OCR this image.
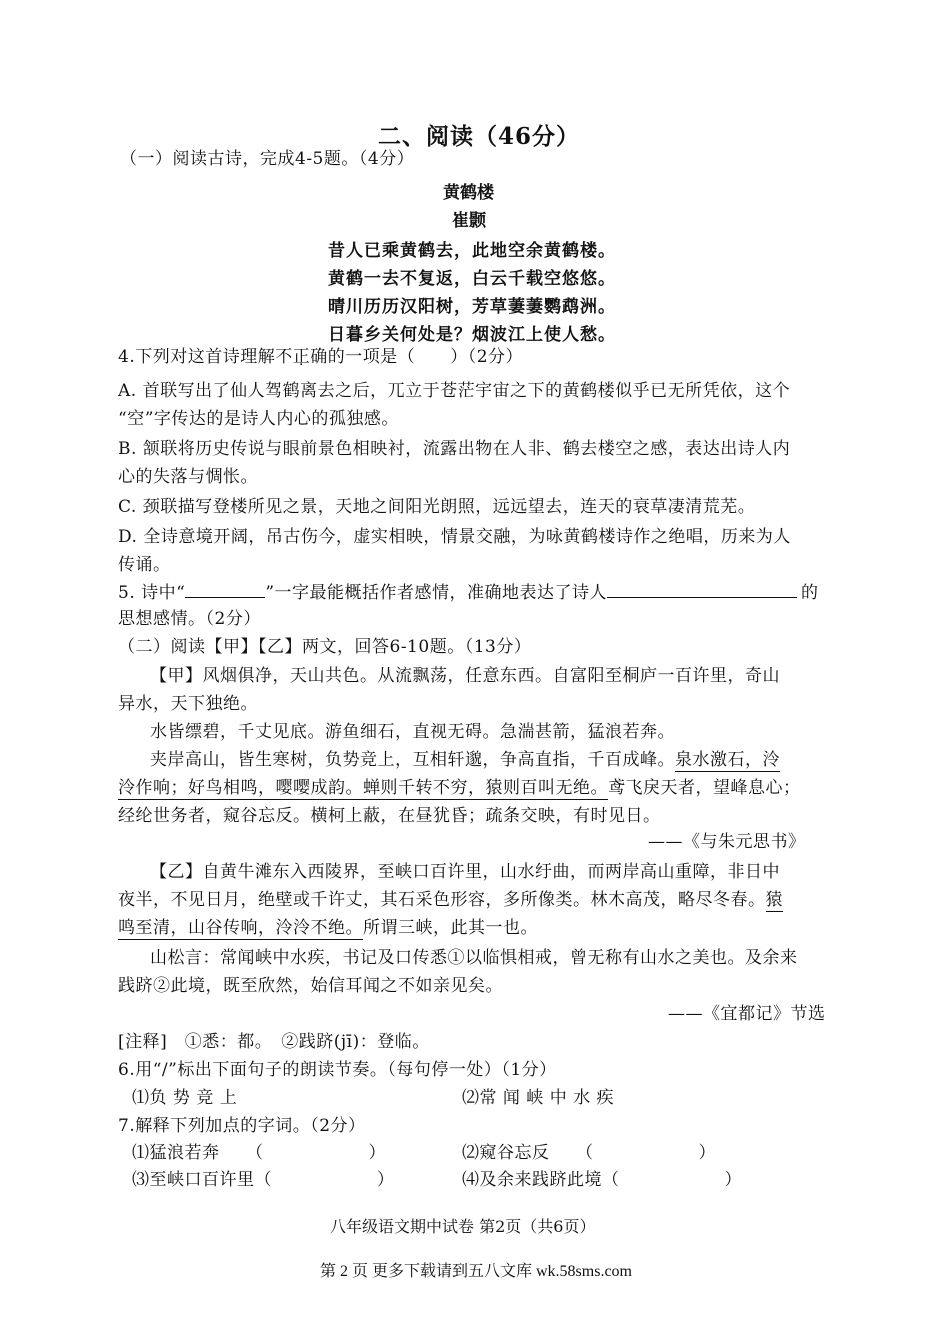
二、阅读（46分）
（一）阅读古诗，完成4-5题。（4分）
黄鹤楼
崔颢
昔人已乘黄鹤去，此地空余黄鹤楼。
黄鹤一去不复返，白云千载空悠悠。
晴川历历汉阳树，芳草萋萋鹦鹉洲。
日暮乡关何处是？烟波江上使人愁。
4.下列对这首诗理解不正确的一项是（　　）（2分）
A. 首联写出了仙人驾鹤离去之后，兀立于苍茫宇宙之下的黄鹤楼似乎已无所凭依，这个
“空”字传达的是诗人内心的孤独感。
B. 颔联将历史传说与眼前景色相映衬，流露出物在人非、鹤去楼空之感，表达出诗人内
心的失落与惆怅。
C. 颈联描写登楼所见之景，天地之间阳光朗照，远远望去，连天的衰草凄清荒芜。
D. 全诗意境开阔，吊古伤今，虚实相映，情景交融，为咏黄鹤楼诗作之绝唱，历来为人
传诵。
5. 诗中“	”一字最能概括作者感情，准确地表达了诗人	的
思想感情。（2分）
（二）阅读【甲】【乙】两文，回答6-10题。（13分）
【甲】风烟俱净，天山共色。从流飘荡，任意东西。自富阳至桐庐一百许里，奇山
异水，天下独绝。
水皆缥碧，千丈见底。游鱼细石，直视无碍。急湍甚箭，猛浪若奔。
夹岸高山，皆生寒树，负势竞上，互相轩邈，争高直指，千百成峰。泉水激石，泠
泠作响；好鸟相鸣，嘤嘤成韵。蝉则千转不穷，猿则百叫无绝。鸢飞戾天者，望峰息心；
经纶世务者，窥谷忘反。横柯上蔽，在昼犹昏；疏条交映，有时见日。
——《与朱元思书》
【乙】自黄牛滩东入西陵界，至峡口百许里，山水纡曲，而两岸高山重障，非日中
夜半，不见日月，绝壁或千许丈，其石采色形容，多所像类。林木高茂，略尽冬春。猿
鸣至清，山谷传响，泠泠不绝。所谓三峡，此其一也。
山松言：常闻峡中水疾，书记及口传悉①以临惧相戒，曾无称有山水之美也。及余来
践跻②此境，既至欣然，始信耳闻之不如亲见矣。
——《宜都记》节选
[注释]　①悉：都。　②践跻(jī)：登临。
6.用“/”标出下面句子的朗读节奏。（每句停一处）（1分）
⑴负 势 竞 上	⑵常 闻 峡 中 水 疾
7.解释下列加点的字词。（2分）
⑴猛浪若奔　　（　　　　　　）	⑵窥谷忘反　　（　　　　　　）
⑶至峡口百许里（　　　　　　）	⑷及余来践跻此境（　　　　　　）
八年级语文期中试卷 第2页（共6页）
第 2 页 更多下载请到五八文库 wk.58sms.com
